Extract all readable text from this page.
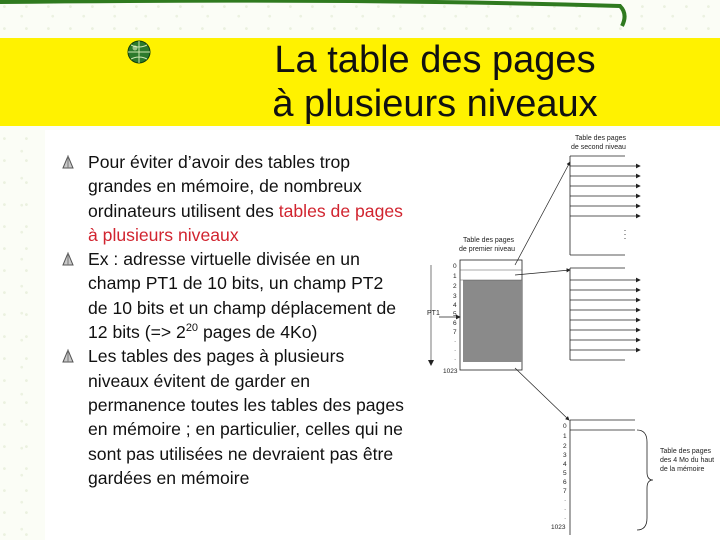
La table des pages
à plusieurs niveaux
Pour éviter d’avoir des tables trop grandes en mémoire, de nombreux ordinateurs utilisent des tables de pages à plusieurs niveaux
Ex : adresse virtuelle divisée en un champ PT1 de 10 bits, un champ PT2 de 10 bits et un champ déplacement de 12 bits (=> $2^{20}$ pages de 4Ko)
Les tables des pages à plusieurs niveaux évitent de garder en permanence toutes les tables des pages en mémoire ; en particulier, celles qui ne sont pas utilisées ne devraient pas être gardées en mémoire
Table des pages
de second niveau
Table des pages
de premier niveau
0
1
2
3
4
5
6
7
·
·
·
1023
PT1
0
1
2
3
4
5
6
7
·
·
·
1023
Table des pages
des 4 Mo du haut
de la mémoire
